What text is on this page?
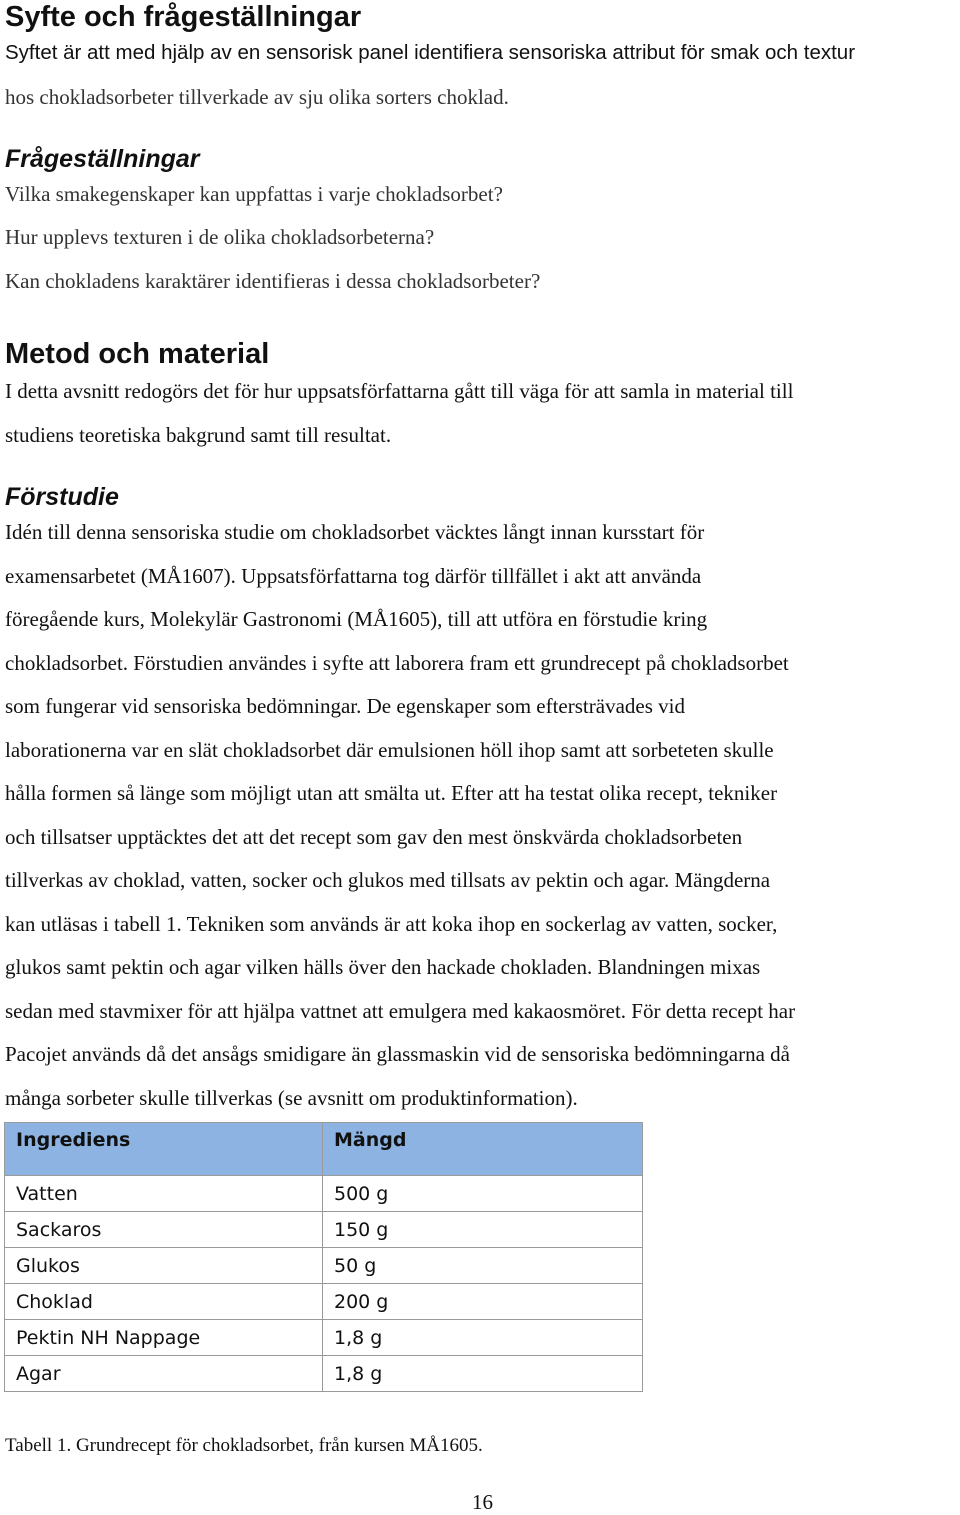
Syfte och frågeställningar

Syftet är att med hjälp av en sensorisk panel identifiera sensoriska attribut för smak och textur

hos chokladsorbeter tillverkade av sju olika sorters choklad.

Frågeställningar

Vilka smakegenskaper kan uppfattas i varje chokladsorbet?

Hur upplevs texturen i de olika chokladsorbeterna?

Kan chokladens karaktärer identifieras i dessa chokladsorbeter?

Metod och material

I detta avsnitt redogörs det för hur uppsatsförfattarna gått till väga för att samla in material till

studiens teoretiska bakgrund samt till resultat.

Förstudie

Idén till denna sensoriska studie om chokladsorbet väcktes långt innan kursstart för

examensarbetet (MÅ1607). Uppsatsförfattarna tog därför tillfället i akt att använda

föregående kurs, Molekylär Gastronomi (MÅ1605), till att utföra en förstudie kring

chokladsorbet. Förstudien användes i syfte att laborera fram ett grundrecept på chokladsorbet

som fungerar vid sensoriska bedömningar. De egenskaper som eftersträvades vid

laborationerna var en slät chokladsorbet där emulsionen höll ihop samt att sorbeteten skulle

hålla formen så länge som möjligt utan att smälta ut. Efter att ha testat olika recept, tekniker

och tillsatser upptäcktes det att det recept som gav den mest önskvärda chokladsorbeten

tillverkas av choklad, vatten, socker och glukos med tillsats av pektin och agar. Mängderna

kan utläsas i tabell 1. Tekniken som används är att koka ihop en sockerlag av vatten, socker,

glukos samt pektin och agar vilken hälls över den hackade chokladen. Blandningen mixas

sedan med stavmixer för att hjälpa vattnet att emulgera med kakaosmöret. För detta recept har

Pacojet används då det ansågs smidigare än glassmaskin vid de sensoriska bedömningarna då

många sorbeter skulle tillverkas (se avsnitt om produktinformation).

Ingrediens	Mängd
Vatten	500 g
Sackaros	150 g
Glukos	50 g
Choklad	200 g
Pektin NH Nappage	1,8 g
Agar	1,8 g

Tabell 1. Grundrecept för chokladsorbet, från kursen MÅ1605.

16
